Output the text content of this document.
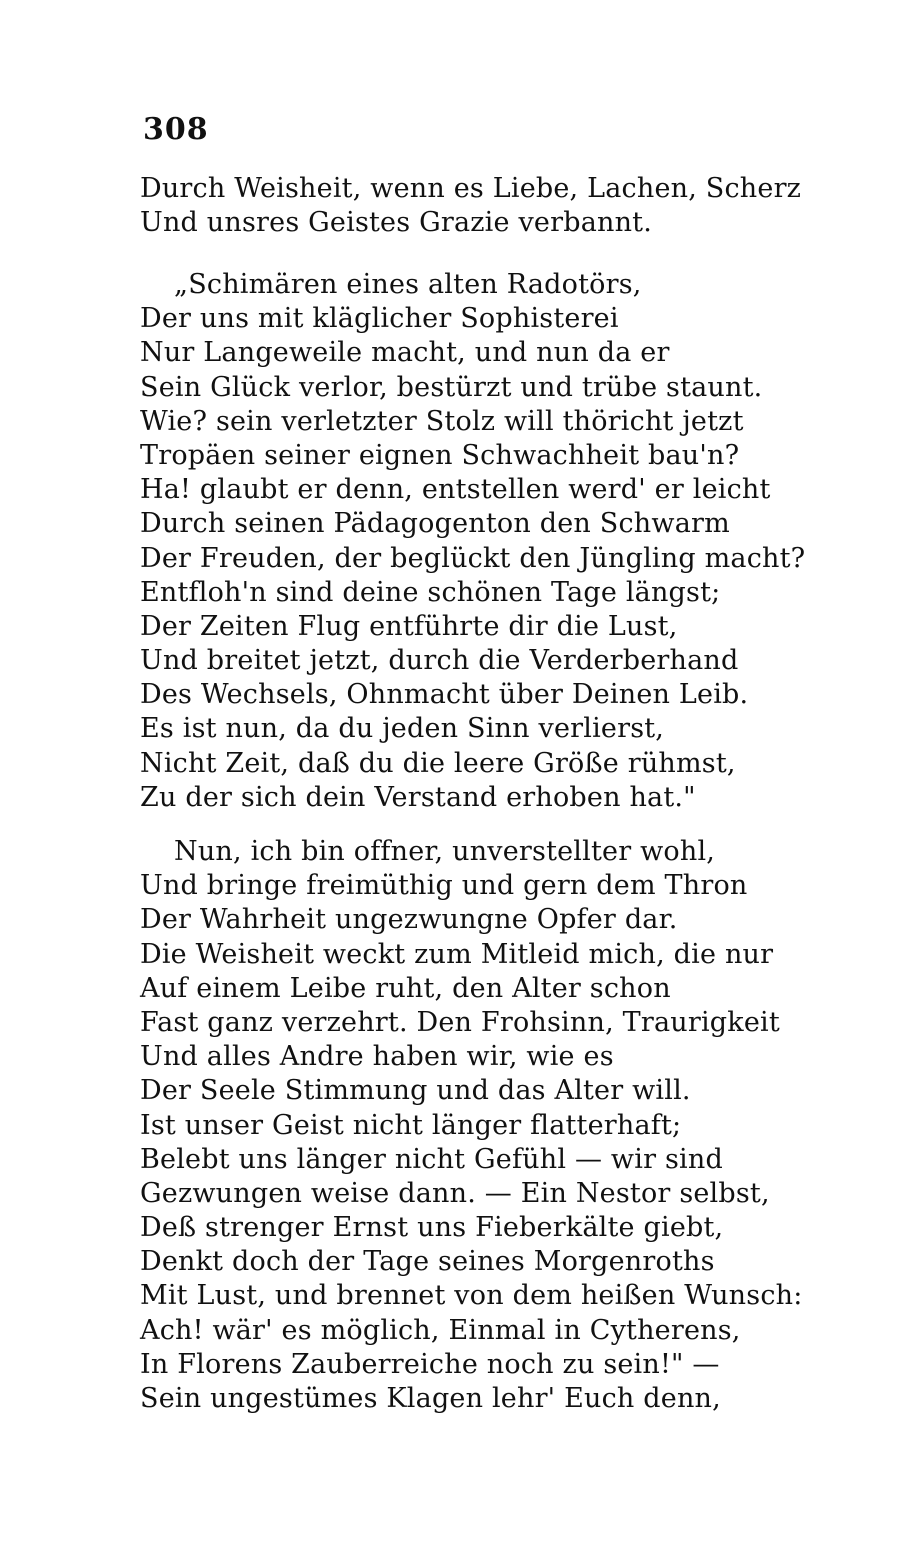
308
Durch Weisheit, wenn es Liebe, Lachen, Scherz
Und unsres Geistes Grazie verbannt.
„Schimären eines alten Radotörs,
Der uns mit kläglicher Sophisterei
Nur Langeweile macht, und nun da er
Sein Glück verlor, bestürzt und trübe staunt.
Wie? sein verletzter Stolz will thöricht jetzt
Tropäen seiner eignen Schwachheit bau'n?
Ha! glaubt er denn, entstellen werd' er leicht
Durch seinen Pädagogenton den Schwarm
Der Freuden, der beglückt den Jüngling macht?
Entfloh'n sind deine schönen Tage längst;
Der Zeiten Flug entführte dir die Lust,
Und breitet jetzt, durch die Verderberhand
Des Wechsels, Ohnmacht über Deinen Leib.
Es ist nun, da du jeden Sinn verlierst,
Nicht Zeit, daß du die leere Größe rühmst,
Zu der sich dein Verstand erhoben hat."
Nun, ich bin offner, unverstellter wohl,
Und bringe freimüthig und gern dem Thron
Der Wahrheit ungezwungne Opfer dar.
Die Weisheit weckt zum Mitleid mich, die nur
Auf einem Leibe ruht, den Alter schon
Fast ganz verzehrt. Den Frohsinn, Traurigkeit
Und alles Andre haben wir, wie es
Der Seele Stimmung und das Alter will.
Ist unser Geist nicht länger flatterhaft;
Belebt uns länger nicht Gefühl — wir sind
Gezwungen weise dann. — Ein Nestor selbst,
Deß strenger Ernst uns Fieberkälte giebt,
Denkt doch der Tage seines Morgenroths
Mit Lust, und brennet von dem heißen Wunsch:
Ach! wär' es möglich, Einmal in Cytherens,
In Florens Zauberreiche noch zu sein!" —
Sein ungestümes Klagen lehr' Euch denn,
